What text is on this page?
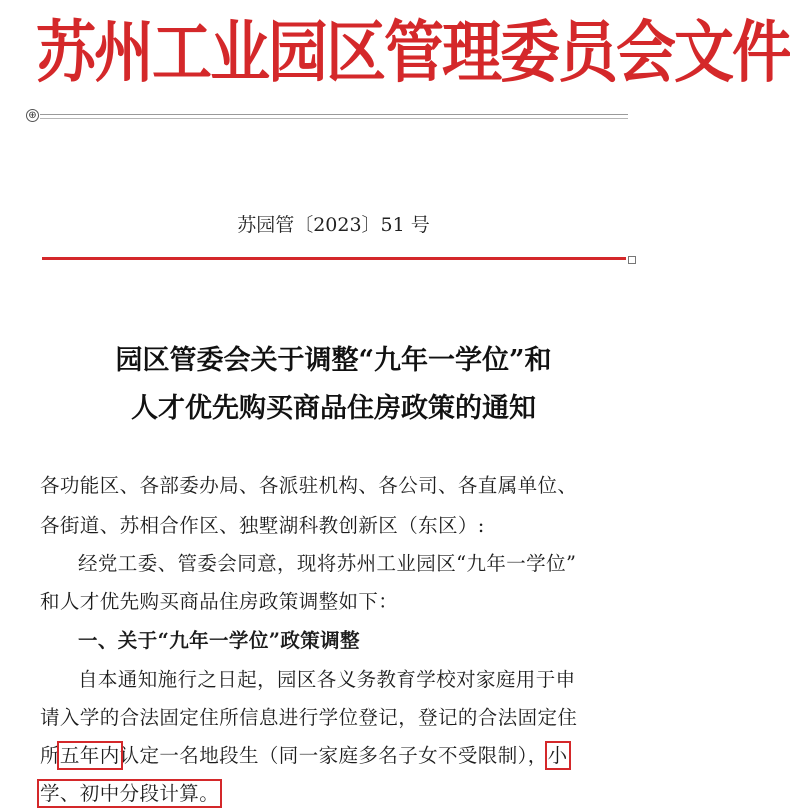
苏州工业园区管理委员会文件
⊕
苏园管〔2023〕51 号
园区管委会关于调整“九年一学位”和
人才优先购买商品住房政策的通知
各功能区、各部委办局、各派驻机构、各公司、各直属单位、
各街道、苏相合作区、独墅湖科教创新区（东区）:
经党工委、管委会同意，现将苏州工业园区“九年一学位”
和人才优先购买商品住房政策调整如下：
一、关于“九年一学位”政策调整
自本通知施行之日起，园区各义务教育学校对家庭用于申
请入学的合法固定住所信息进行学位登记，登记的合法固定住
所五年内认定一名地段生（同一家庭多名子女不受限制），小
学、初中分段计算。
